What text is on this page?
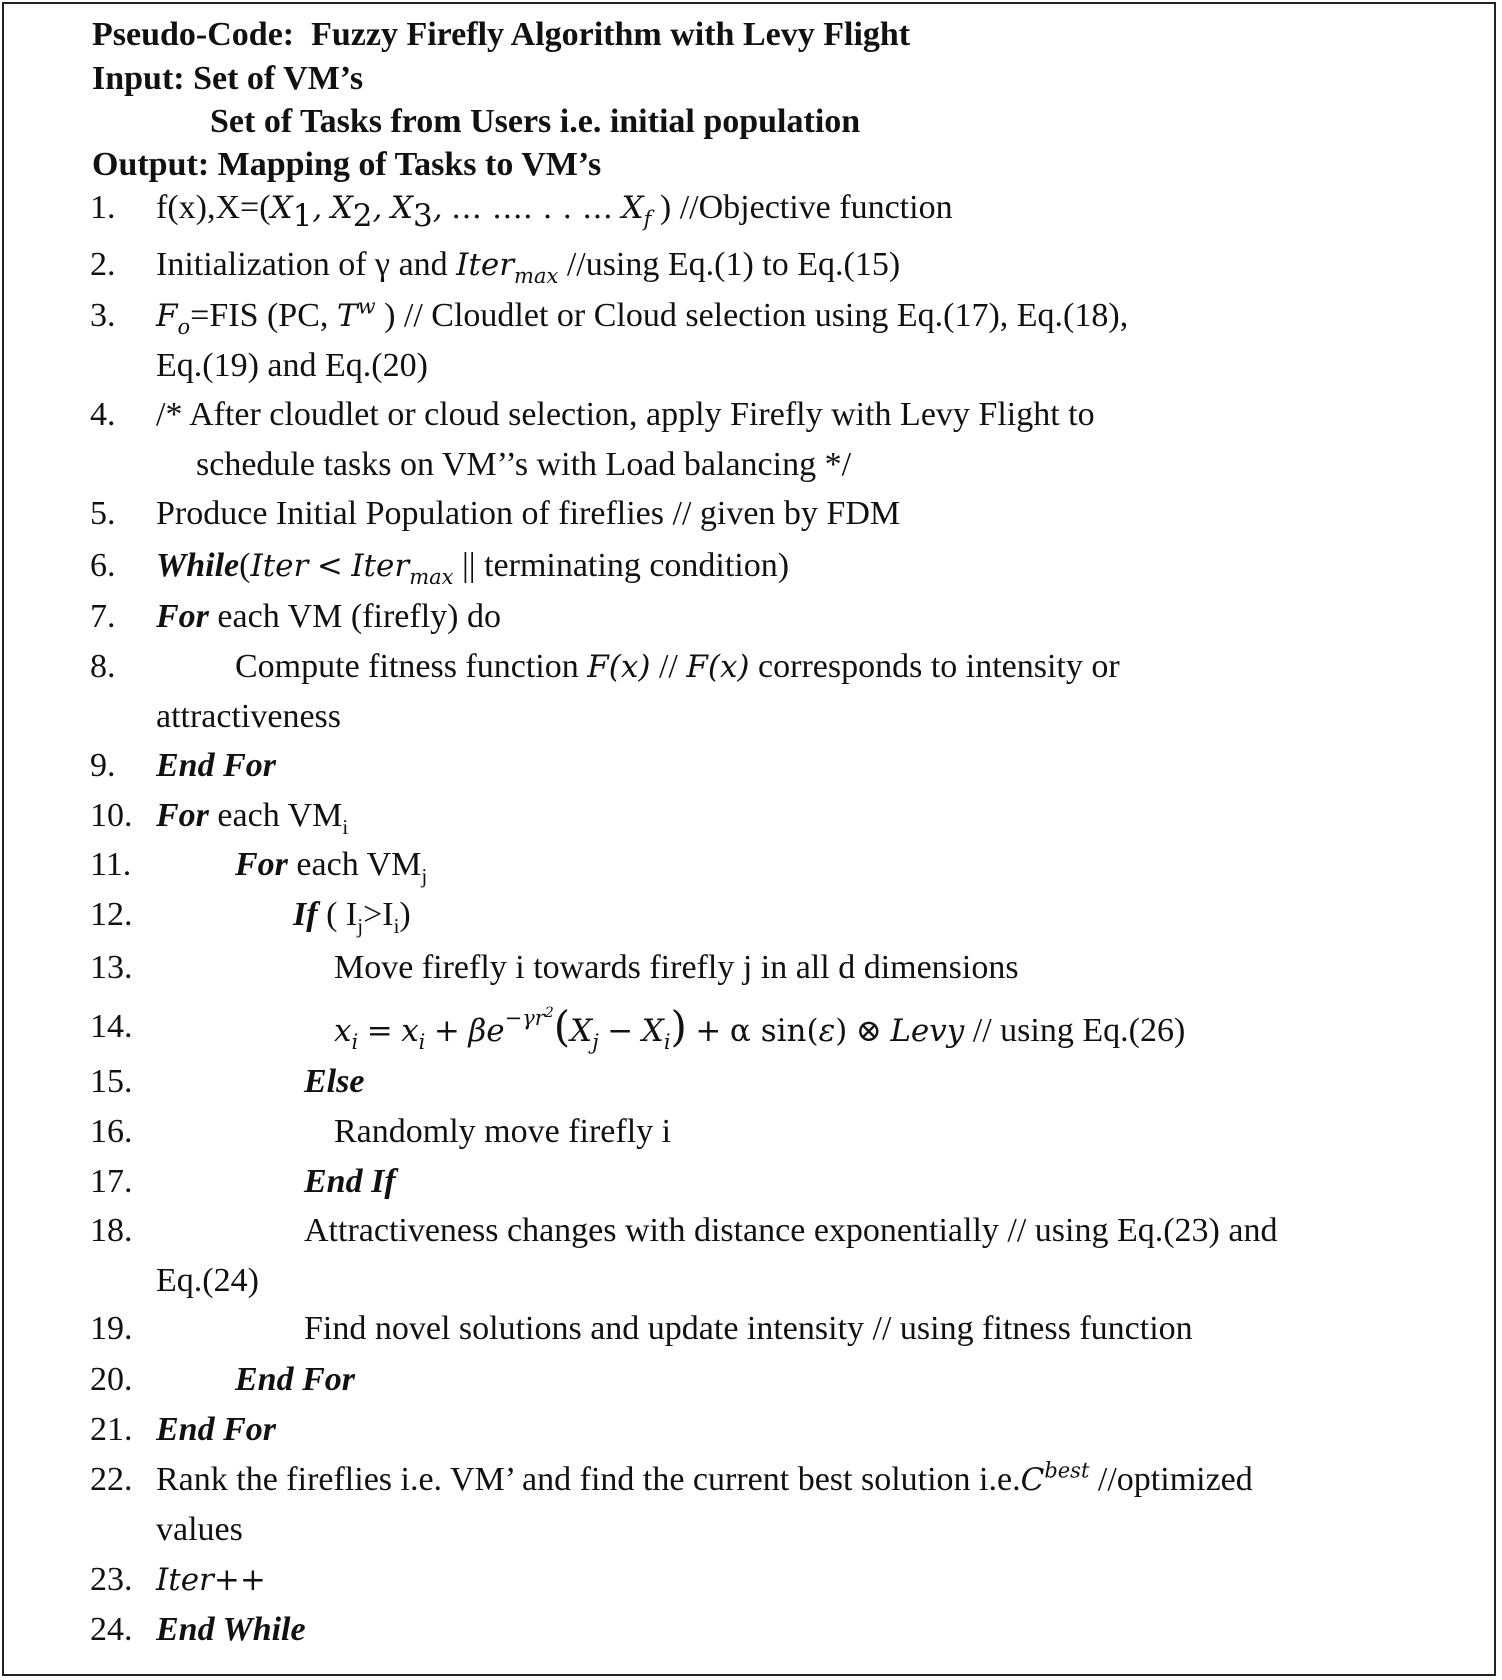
Pseudo-Code: Fuzzy Firefly Algorithm with Levy Flight
Input: Set of VM’s
Set of Tasks from Users i.e. initial population
Output: Mapping of Tasks to VM’s
1.
2.
3.
4.
5.
6.
7.
8.
9.
10.
11.
12.
13.
14.
15.
16.
17.
18.
19.
20.
21.
22.
23.
24.
$f(x),X=(X_1$, $X_2$, $X_3$, … …. . . … $X_f$ ) //Objective function
Initialization of γ and Iter$_{max}$ //using Eq.(1) to Eq.(15)
$F_o=FIS$ (PC, $T^w$ ) // Cloudlet or Cloud selection using Eq.(17), Eq.(18),
Eq.(19) and Eq.(20)
/* After cloudlet or cloud selection, apply Firefly with Levy Flight to
schedule tasks on VM’’s with Load balancing */
Produce Initial Population of fireflies // given by FDM
While(Iter < Iter$_{max}$ || terminating condition)
For each VM (firefly) do
Compute fitness function F(x) // F(x) corresponds to intensity or
attractiveness
End For
For each $VM_i$
For each $VM_j$
If ( $I_j>I_i$)
Move firefly i towards firefly j in all d dimensions
$x_i = x_i + \beta e^{-\gamma r^2}(X_j - X_i) + \alpha$ sin(ε) ⊗ Levy // using Eq.(26)
Else
Randomly move firefly i
End If
Attractiveness changes with distance exponentially // using Eq.(23) and
Eq.(24)
Find novel solutions and update intensity // using fitness function
End For
End For
Rank the fireflies i.e. VM’ and find the current best solution $i.e.C^{best}$ //optimized
values
Iter++
End While
